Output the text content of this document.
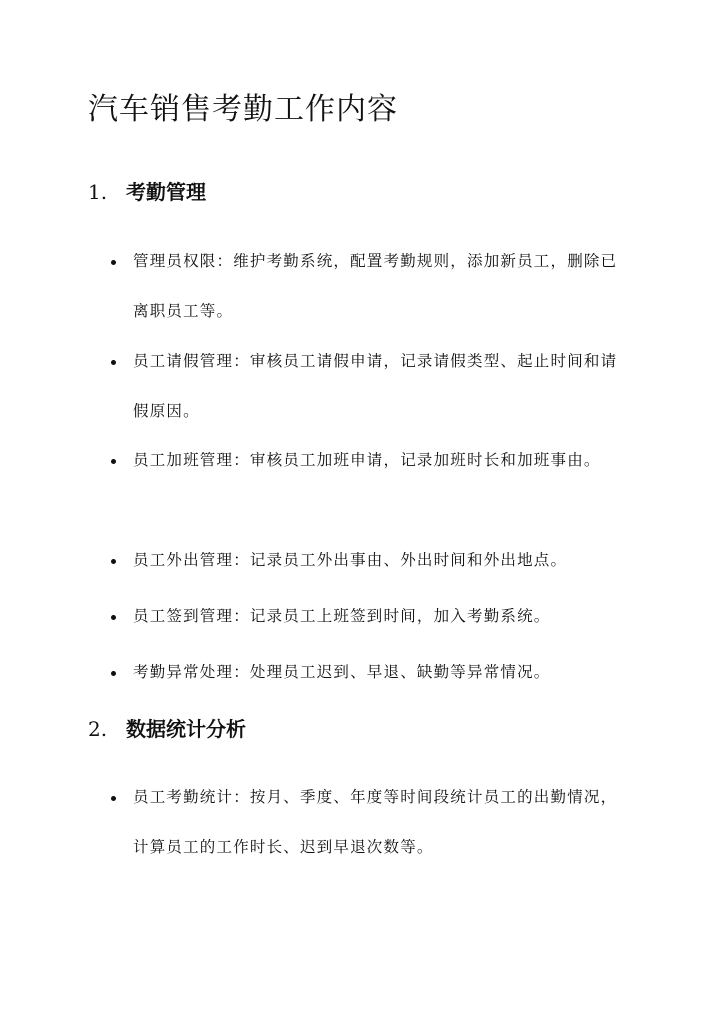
汽车销售考勤工作内容
1. 考勤管理
管理员权限：维护考勤系统，配置考勤规则，添加新员工，删除已离职员工等。
员工请假管理：审核员工请假申请，记录请假类型、起止时间和请假原因。
员工加班管理：审核员工加班申请，记录加班时长和加班事由。
员工外出管理：记录员工外出事由、外出时间和外出地点。
员工签到管理：记录员工上班签到时间，加入考勤系统。
考勤异常处理：处理员工迟到、早退、缺勤等异常情况。
2. 数据统计分析
员工考勤统计：按月、季度、年度等时间段统计员工的出勤情况，计算员工的工作时长、迟到早退次数等。
